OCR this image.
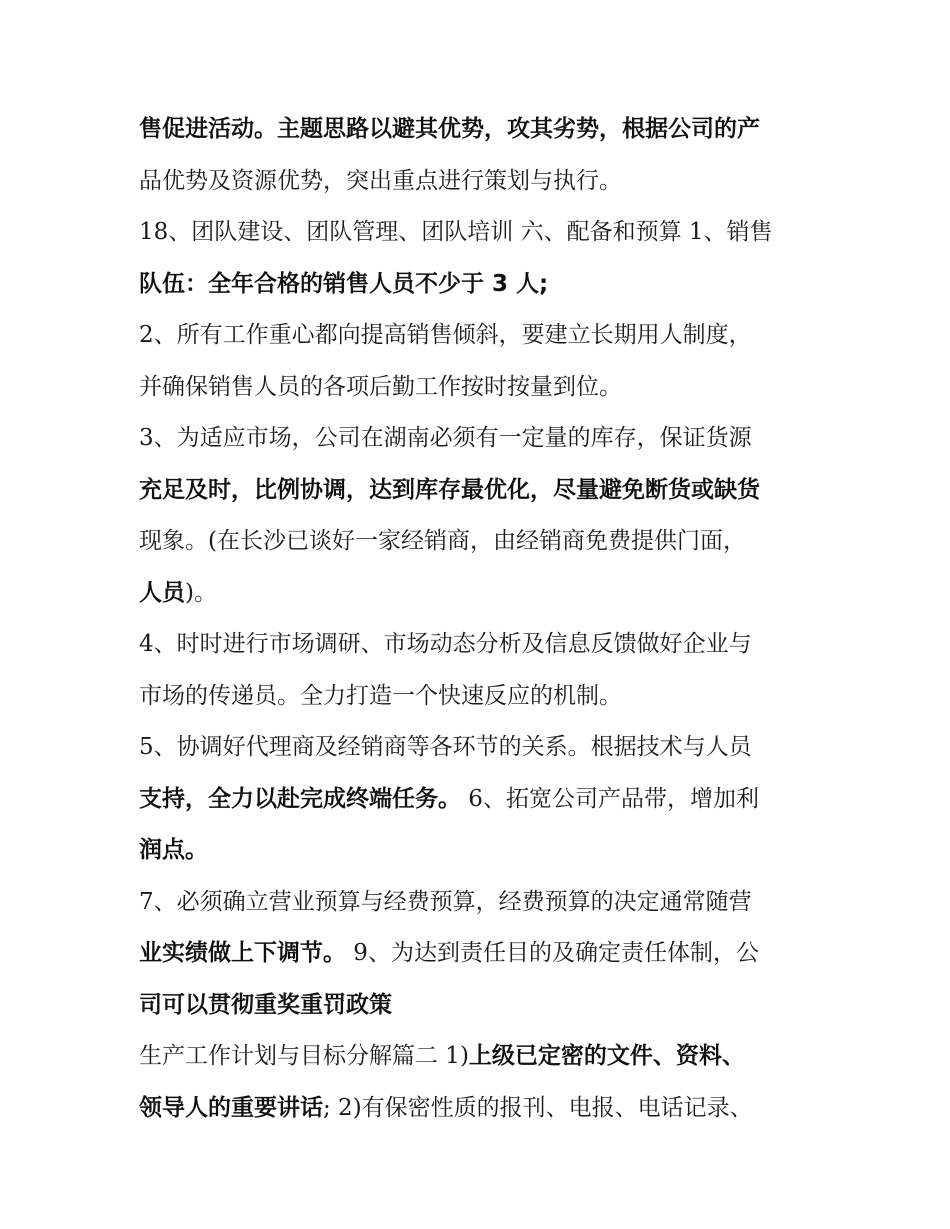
售促进活动。主题思路以避其优势，攻其劣势，根据公司的产
品优势及资源优势，突出重点进行策划与执行。
18、团队建设、团队管理、团队培训 六、配备和预算 1、销售
队伍：全年合格的销售人员不少于 3 人;
2、所有工作重心都向提高销售倾斜，要建立长期用人制度，
并确保销售人员的各项后勤工作按时按量到位。
3、为适应市场，公司在湖南必须有一定量的库存，保证货源
充足及时，比例协调，达到库存最优化，尽量避免断货或缺货
现象。(在长沙已谈好一家经销商，由经销商免费提供门面，
人员)。
4、时时进行市场调研、市场动态分析及信息反馈做好企业与
市场的传递员。全力打造一个快速反应的机制。
5、协调好代理商及经销商等各环节的关系。根据技术与人员
支持，全力以赴完成终端任务。 6、拓宽公司产品带，增加利
润点。
7、必须确立营业预算与经费预算，经费预算的决定通常随营
业实绩做上下调节。 9、为达到责任目的及确定责任体制，公
司可以贯彻重奖重罚政策
生产工作计划与目标分解篇二 1)上级已定密的文件、资料、
领导人的重要讲话; 2)有保密性质的报刊、电报、电话记录、
